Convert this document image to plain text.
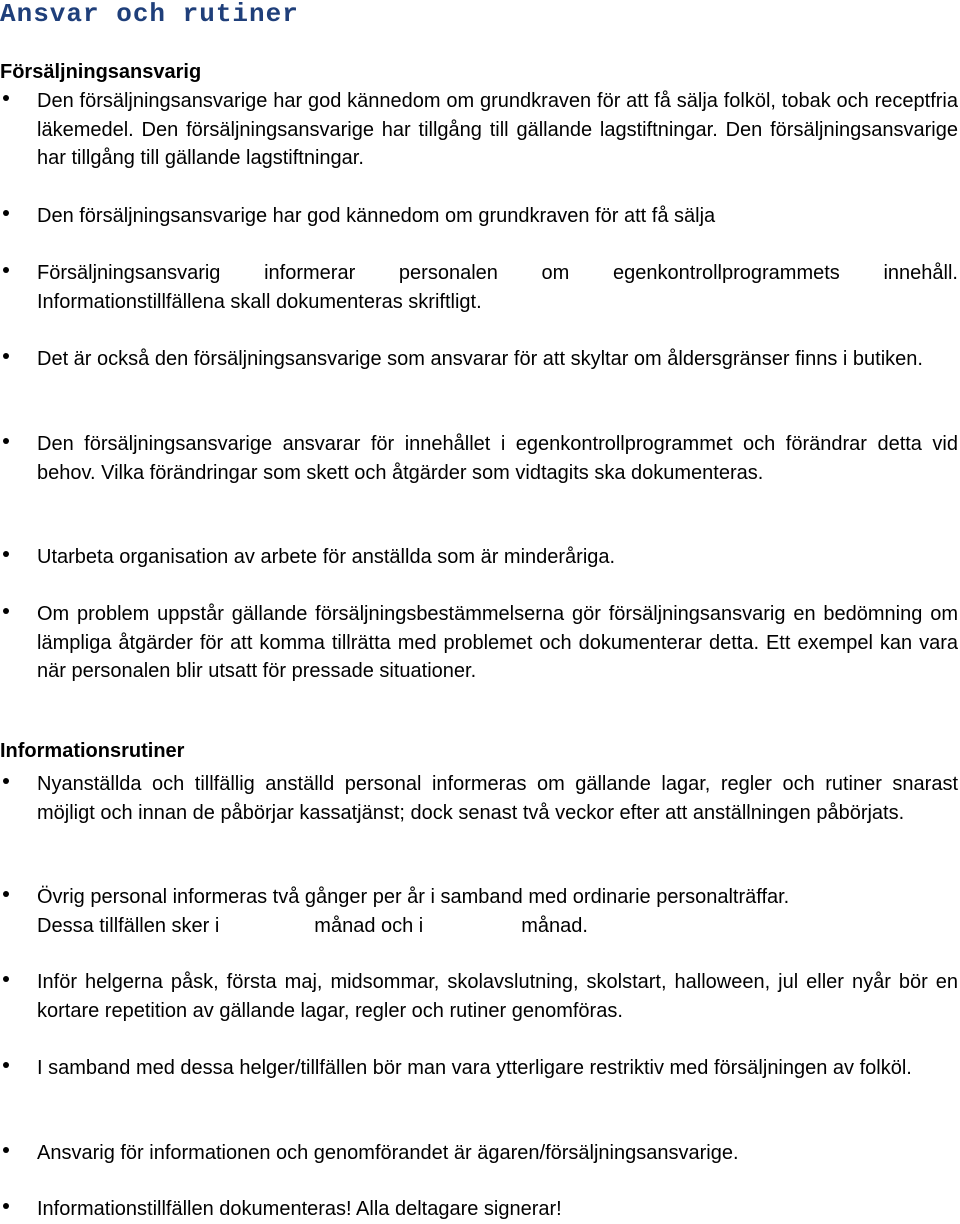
Ansvar och rutiner
Försäljningsansvarig
Den försäljningsansvarige har god kännedom om grundkraven för att få sälja folköl, tobak och receptfria läkemedel. Den försäljningsansvarige har tillgång till gällande lagstiftningar. Den försäljningsansvarige har tillgång till gällande lagstiftningar.
Den försäljningsansvarige har god kännedom om grundkraven för att få sälja
Försäljningsansvarig informerar personalen om egenkontrollprogrammets innehåll. Informationstillfällena skall dokumenteras skriftligt.
Det är också den försäljningsansvarige som ansvarar för att skyltar om åldersgränser finns i butiken.
Den försäljningsansvarige ansvarar för innehållet i egenkontrollprogrammet och förändrar detta vid behov. Vilka förändringar som skett och åtgärder som vidtagits ska dokumenteras.
Utarbeta organisation av arbete för anställda som är minderåriga.
Om problem uppstår gällande försäljningsbestämmelserna gör försäljningsansvarig en bedömning om lämpliga åtgärder för att komma tillrätta med problemet och dokumenterar detta. Ett exempel kan vara när personalen blir utsatt för pressade situationer.
Informationsrutiner
Nyanställda och tillfällig anställd personal informeras om gällande lagar, regler och rutiner snarast möjligt och innan de påbörjar kassatjänst; dock senast två veckor efter att anställningen påbörjats.
Övrig personal informeras två gånger per år i samband med ordinarie personalträffar.
Dessa tillfällen sker i	månad och i	månad.
Inför helgerna påsk, första maj, midsommar, skolavslutning, skolstart, halloween, jul eller nyår bör en kortare repetition av gällande lagar, regler och rutiner genomföras.
I samband med dessa helger/tillfällen bör man vara ytterligare restriktiv med försäljningen av folköl.
Ansvarig för informationen och genomförandet är ägaren/försäljningsansvarige.
Informationstillfällen dokumenteras! Alla deltagare signerar!
